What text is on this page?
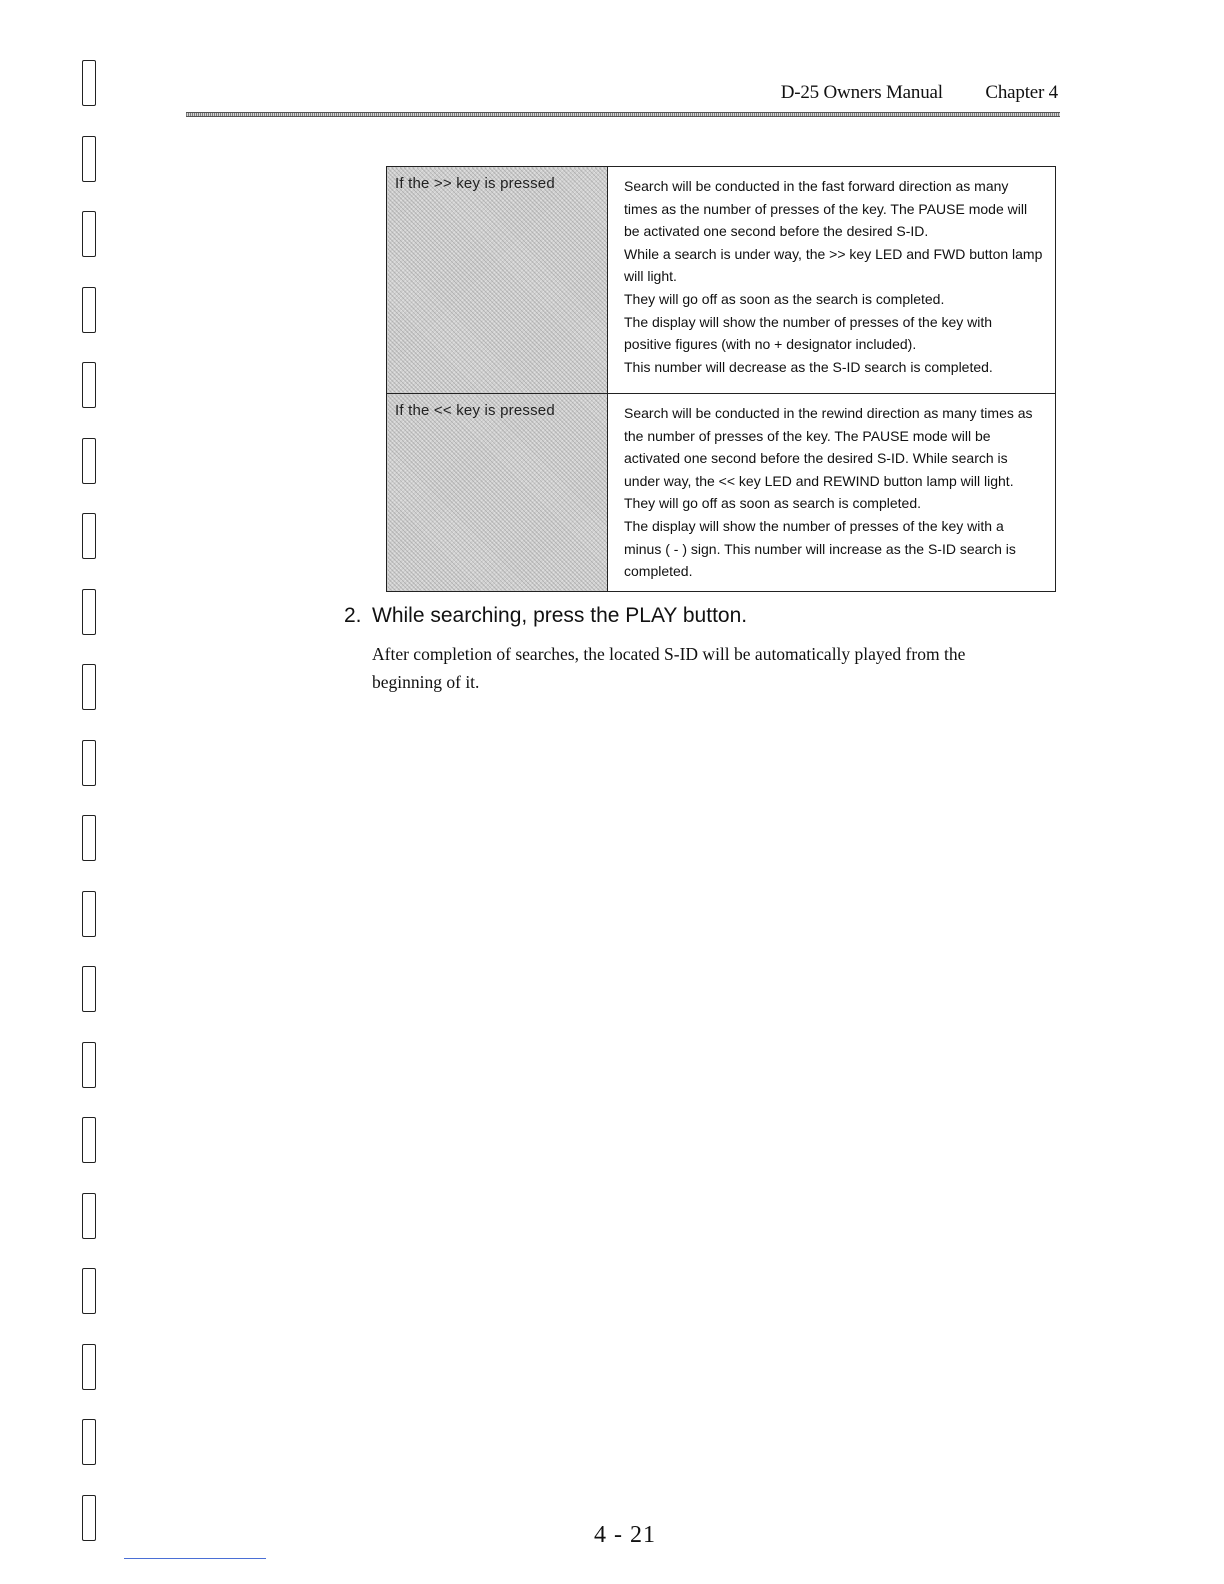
D-25 Owners Manual Chapter 4
If the >> key is pressed	Search will be conducted in the fast forward direction as many times as the number of presses of the key. The PAUSE mode will be activated one second before the desired S-ID.

While a search is under way, the >> key LED and FWD button lamp will light.

They will go off as soon as the search is completed.

The display will show the number of presses of the key with positive figures (with no + designator included).

This number will decrease as the S-ID search is completed.

If the << key is pressed	Search will be conducted in the rewind direction as many times as the number of presses of the key. The PAUSE mode will be activated one second before the desired S-ID. While search is under way, the << key LED and REWIND button lamp will light.

They will go off as soon as search is completed.

The display will show the number of presses of the key with a minus ( - ) sign. This number will increase as the S-ID search is completed.

2. While searching, press the PLAY button.
After completion of searches, the located S-ID will be automatically played from the beginning of it.
4 - 21
